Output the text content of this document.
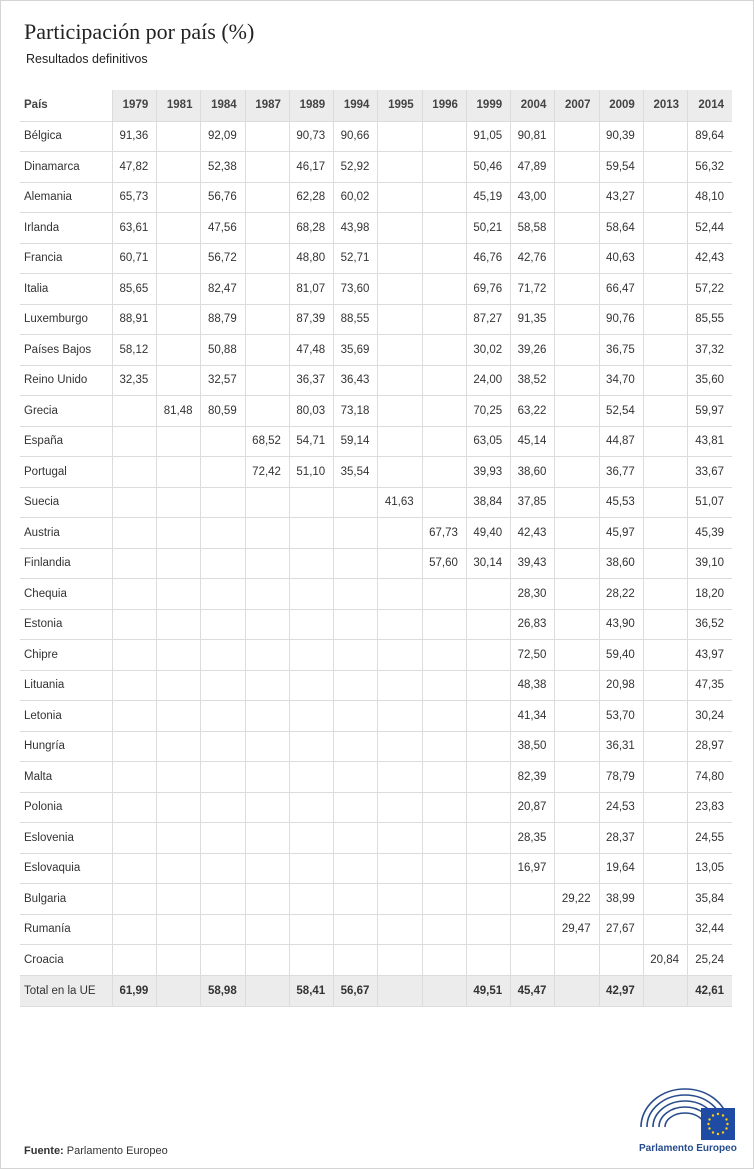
Participación por país (%)
Resultados definitivos
País	1979	1981	1984	1987	1989	1994	1995	1996	1999	2004	2007	2009	2013	2014
Bélgica	91,36		92,09		90,73	90,66			91,05	90,81		90,39		89,64
Dinamarca	47,82		52,38		46,17	52,92			50,46	47,89		59,54		56,32
Alemania	65,73		56,76		62,28	60,02			45,19	43,00		43,27		48,10
Irlanda	63,61		47,56		68,28	43,98			50,21	58,58		58,64		52,44
Francia	60,71		56,72		48,80	52,71			46,76	42,76		40,63		42,43
Italia	85,65		82,47		81,07	73,60			69,76	71,72		66,47		57,22
Luxemburgo	88,91		88,79		87,39	88,55			87,27	91,35		90,76		85,55
Países Bajos	58,12		50,88		47,48	35,69			30,02	39,26		36,75		37,32
Reino Unido	32,35		32,57		36,37	36,43			24,00	38,52		34,70		35,60
Grecia		81,48	80,59		80,03	73,18			70,25	63,22		52,54		59,97
España				68,52	54,71	59,14			63,05	45,14		44,87		43,81
Portugal				72,42	51,10	35,54			39,93	38,60		36,77		33,67
Suecia							41,63		38,84	37,85		45,53		51,07
Austria								67,73	49,40	42,43		45,97		45,39
Finlandia								57,60	30,14	39,43		38,60		39,10
Chequia										28,30		28,22		18,20
Estonia										26,83		43,90		36,52
Chipre										72,50		59,40		43,97
Lituania										48,38		20,98		47,35
Letonia										41,34		53,70		30,24
Hungría										38,50		36,31		28,97
Malta										82,39		78,79		74,80
Polonia										20,87		24,53		23,83
Eslovenia										28,35		28,37		24,55
Eslovaquia										16,97		19,64		13,05
Bulgaria											29,22	38,99		35,84
Rumanía											29,47	27,67		32,44
Croacia													20,84	25,24
Total en la UE	61,99		58,98		58,41	56,67			49,51	45,47		42,97		42,61
Fuente: Parlamento Europeo	Parlamento Europeo
